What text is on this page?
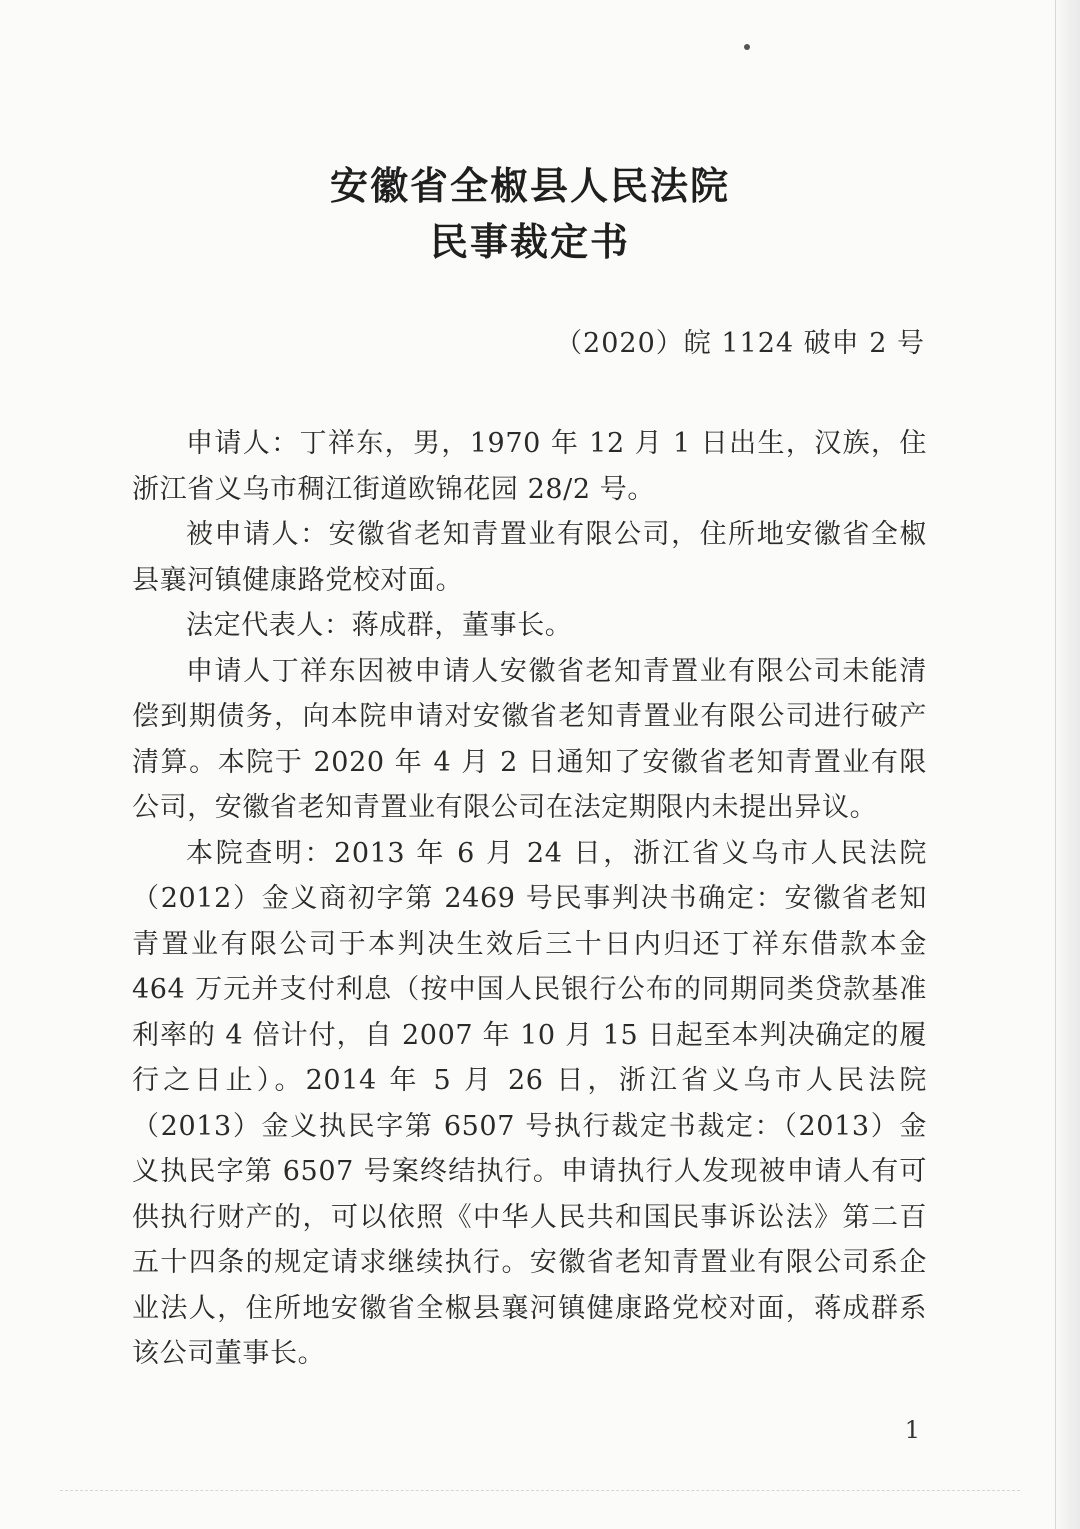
安徽省全椒县人民法院
民事裁定书
（2020）皖 1124 破申 2 号

申请人：丁祥东，男，1970 年 12 月 1 日出生，汉族，住浙江省义乌市稠江街道欧锦花园 28/2 号。

被申请人：安徽省老知青置业有限公司，住所地安徽省全椒县襄河镇健康路党校对面。

法定代表人：蒋成群，董事长。

申请人丁祥东因被申请人安徽省老知青置业有限公司未能清偿到期债务，向本院申请对安徽省老知青置业有限公司进行破产清算。本院于 2020 年 4 月 2 日通知了安徽省老知青置业有限公司，安徽省老知青置业有限公司在法定期限内未提出异议。

本院查明：2013 年 6 月 24 日，浙江省义乌市人民法院（2012）金义商初字第 2469 号民事判决书确定：安徽省老知青置业有限公司于本判决生效后三十日内归还丁祥东借款本金 464 万元并支付利息（按中国人民银行公布的同期同类贷款基准利率的 4 倍计付，自 2007 年 10 月 15 日起至本判决确定的履行之日止）。2014 年 5 月 26 日，浙江省义乌市人民法院（2013）金义执民字第 6507 号执行裁定书裁定：（2013）金义执民字第 6507 号案终结执行。申请执行人发现被申请人有可供执行财产的，可以依照《中华人民共和国民事诉讼法》第二百五十四条的规定请求继续执行。安徽省老知青置业有限公司系企业法人，住所地安徽省全椒县襄河镇健康路党校对面，蒋成群系该公司董事长。

1
